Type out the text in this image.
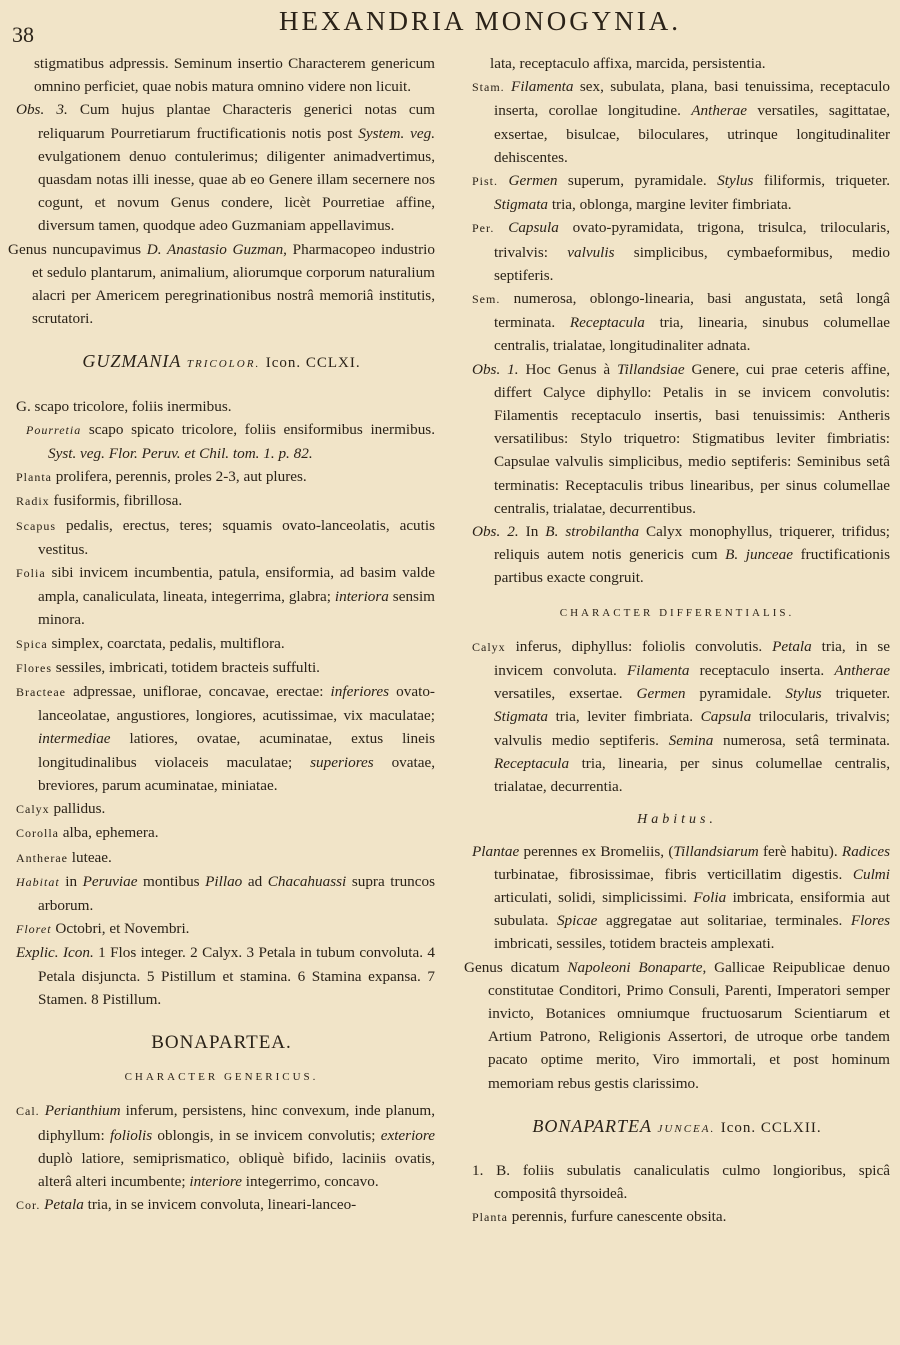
38	HEXANDRIA MONOGYNIA.

stigmatibus adpressis. Seminum insertio Characterem genericum omnino perficiet, quae nobis matura omnino videre non licuit.

Obs. 3. Cum hujus plantae Characteris generici notas cum reliquarum Pourretiarum fructificationis notis post System. veg. evulgationem denuo contulerimus; diligenter animadvertimus, quasdam notas illi inesse, quae ab eo Genere illam secernere nos cogunt, et novum Genus condere, licèt Pourretiae affine, diversum tamen, quodque adeo Guzmaniam appellavimus.

Genus nuncupavimus D. Anastasio Guzman, Pharmacopeo industrio et sedulo plantarum, animalium, aliorumque corporum naturalium alacri per Americem peregrinationibus nostrâ memoriâ institutis, scrutatori.

GUZMANIA TRICOLOR. Icon. CCLXI.

G. scapo tricolore, foliis inermibus.

Pourretia scapo spicato tricolore, foliis ensiformibus inermibus. Syst. veg. Flor. Peruv. et Chil. tom. 1. p. 82.

Planta prolifera, perennis, proles 2-3, aut plures.

Radix fusiformis, fibrillosa.

Scapus pedalis, erectus, teres; squamis ovato-lanceolatis, acutis vestitus.

Folia sibi invicem incumbentia, patula, ensiformia, ad basim valde ampla, canaliculata, lineata, integerrima, glabra; interiora sensim minora.

Spica simplex, coarctata, pedalis, multiflora.

Flores sessiles, imbricati, totidem bracteis suffulti.

Bracteae adpressae, uniflorae, concavae, erectae: inferiores ovato-lanceolatae, angustiores, longiores, acutissimae, vix maculatae; intermediae latiores, ovatae, acuminatae, extus lineis longitudinalibus violaceis maculatae; superiores ovatae, breviores, parum acuminatae, miniatae.

Calyx pallidus.

Corolla alba, ephemera.

Antherae luteae.

Habitat in Peruviae montibus Pillao ad Chacahuassi supra truncos arborum.

Floret Octobri, et Novembri.

Explic. Icon. 1 Flos integer. 2 Calyx. 3 Petala in tubum convoluta. 4 Petala disjuncta. 5 Pistillum et stamina. 6 Stamina expansa. 7 Stamen. 8 Pistillum.

BONAPARTEA.
CHARACTER GENERICUS.

Cal. Perianthium inferum, persistens, hinc convexum, inde planum, diphyllum: foliolis oblongis, in se invicem convolutis; exteriore duplò latiore, semiprismatico, obliquè bifido, laciniis ovatis, alterâ alteri incumbente; interiore integerrimo, concavo.

Cor. Petala tria, in se invicem convoluta, lineari-lanceo-

lata, receptaculo affixa, marcida, persistentia.

Stam. Filamenta sex, subulata, plana, basi tenuissima, receptaculo inserta, corollae longitudine. Antherae versatiles, sagittatae, exsertae, bisulcae, biloculares, utrinque longitudinaliter dehiscentes.

Pist. Germen superum, pyramidale. Stylus filiformis, triqueter. Stigmata tria, oblonga, margine leviter fimbriata.

Per. Capsula ovato-pyramidata, trigona, trisulca, trilocularis, trivalvis: valvulis simplicibus, cymbaeformibus, medio septiferis.

Sem. numerosa, oblongo-linearia, basi angustata, setâ longâ terminata. Receptacula tria, linearia, sinubus columellae centralis, trialatae, longitudinaliter adnata.

Obs. 1. Hoc Genus à Tillandsiae Genere, cui prae ceteris affine, differt Calyce diphyllo: Petalis in se invicem convolutis: Filamentis receptaculo insertis, basi tenuissimis: Antheris versatilibus: Stylo triquetro: Stigmatibus leviter fimbriatis: Capsulae valvulis simplicibus, medio septiferis: Seminibus setâ terminatis: Receptaculis tribus linearibus, per sinus columellae centralis, trialatae, decurrentibus.

Obs. 2. In B. strobilantha Calyx monophyllus, triquerer, trifidus; reliquis autem notis genericis cum B. junceae fructificationis partibus exacte congruit.

CHARACTER DIFFERENTIALIS.

Calyx inferus, diphyllus: foliolis convolutis. Petala tria, in se invicem convoluta. Filamenta receptaculo inserta. Antherae versatiles, exsertae. Germen pyramidale. Stylus triqueter. Stigmata tria, leviter fimbriata. Capsula trilocularis, trivalvis; valvulis medio septiferis. Semina numerosa, setâ terminata. Receptacula tria, linearia, per sinus columellae centralis, trialatae, decurrentia.

Habitus.

Plantae perennes ex Bromeliis, (Tillandsiarum ferè habitu). Radices turbinatae, fibrosissimae, fibris verticillatim digestis. Culmi articulati, solidi, simplicissimi. Folia imbricata, ensiformia aut subulata. Spicae aggregatae aut solitariae, terminales. Flores imbricati, sessiles, totidem bracteis amplexati.

Genus dicatum Napoleoni Bonaparte, Gallicae Reipublicae denuo constitutae Conditori, Primo Consuli, Parenti, Imperatori semper invicto, Botanices omniumque fructuosarum Scientiarum et Artium Patrono, Religionis Assertori, de utroque orbe tandem pacato optime merito, Viro immortali, et post hominum memoriam rebus gestis clarissimo.

BONAPARTEA JUNCEA. Icon. CCLXII.

1. B. foliis subulatis canaliculatis culmo longioribus, spicâ compositâ thyrsoideâ.

Planta perennis, furfure canescente obsita.
